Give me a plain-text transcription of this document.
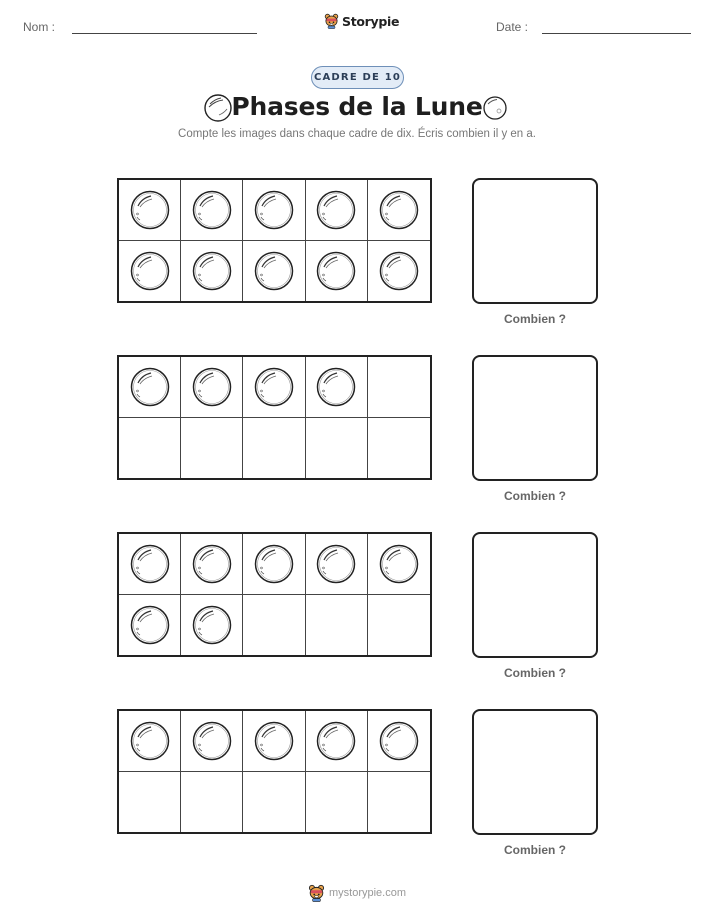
Nom :	Storypie	Date :
CADRE DE 10
Phases de la Lune
Compte les images dans chaque cadre de dix. Écris combien il y en a.
Combien ?
Combien ?
Combien ?
Combien ?
mystorypie.com
